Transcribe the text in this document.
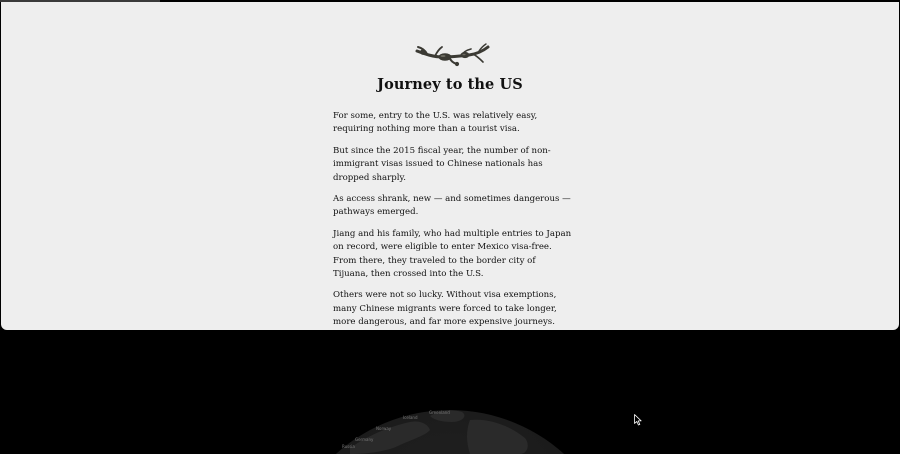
Journey to the US

For some, entry to the U.S. was relatively easy, requiring nothing more than a tourist visa.

But since the 2015 fiscal year, the number of non-immigrant visas issued to Chinese nationals has dropped sharply.

As access shrank, new — and sometimes dangerous — pathways emerged.

Jiang and his family, who had multiple entries to Japan on record, were eligible to enter Mexico visa-free. From there, they traveled to the border city of Tijuana, then crossed into the U.S.

Others were not so lucky. Without visa exemptions, many Chinese migrants were forced to take longer, more dangerous, and far more expensive journeys.

Greenland
Iceland
Norway
Germany
Russia
